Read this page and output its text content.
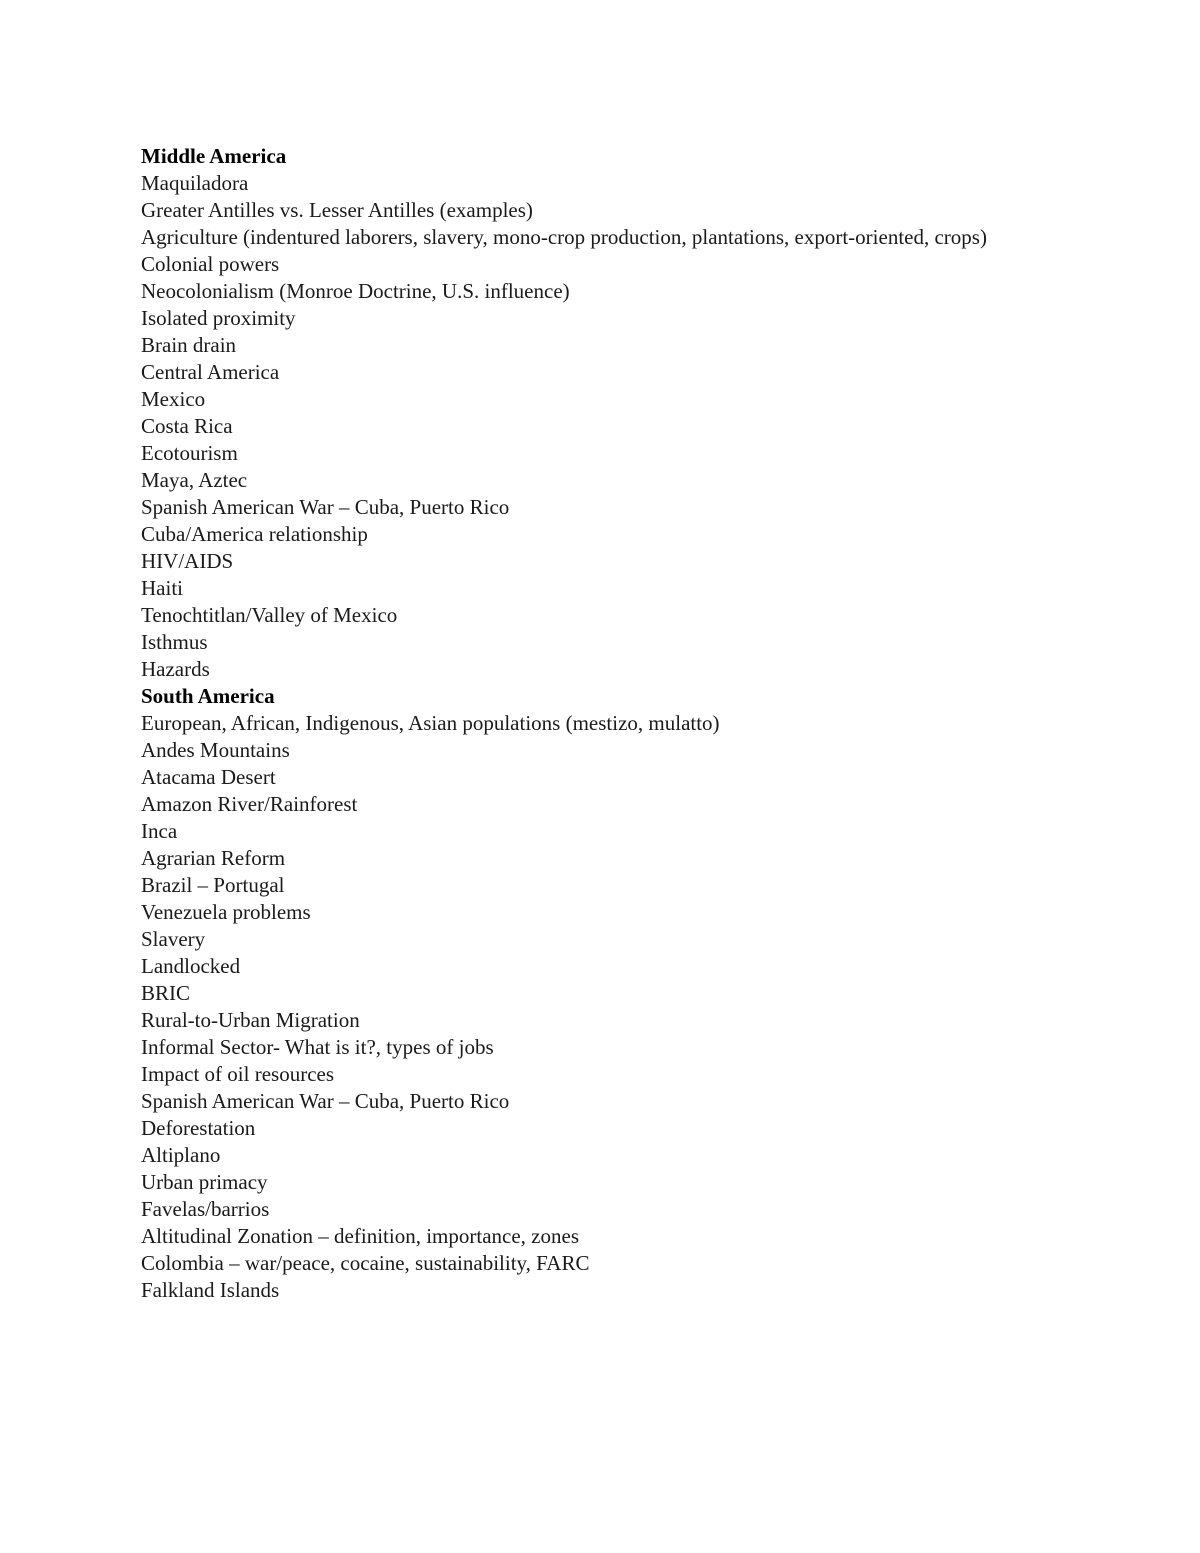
Middle America
Maquiladora
Greater Antilles vs. Lesser Antilles (examples)
Agriculture (indentured laborers, slavery, mono-crop production, plantations, export-oriented, crops)
Colonial powers
Neocolonialism (Monroe Doctrine, U.S. influence)
Isolated proximity
Brain drain
Central America
Mexico
Costa Rica
Ecotourism
Maya, Aztec
Spanish American War – Cuba, Puerto Rico
Cuba/America relationship
HIV/AIDS
Haiti
Tenochtitlan/Valley of Mexico
Isthmus
Hazards
South America
European, African, Indigenous, Asian populations (mestizo, mulatto)
Andes Mountains
Atacama Desert
Amazon River/Rainforest
Inca
Agrarian Reform
Brazil – Portugal
Venezuela problems
Slavery
Landlocked
BRIC
Rural-to-Urban Migration
Informal Sector- What is it?, types of jobs
Impact of oil resources
Spanish American War – Cuba, Puerto Rico
Deforestation
Altiplano
Urban primacy
Favelas/barrios
Altitudinal Zonation – definition, importance, zones
Colombia – war/peace, cocaine, sustainability, FARC
Falkland Islands
